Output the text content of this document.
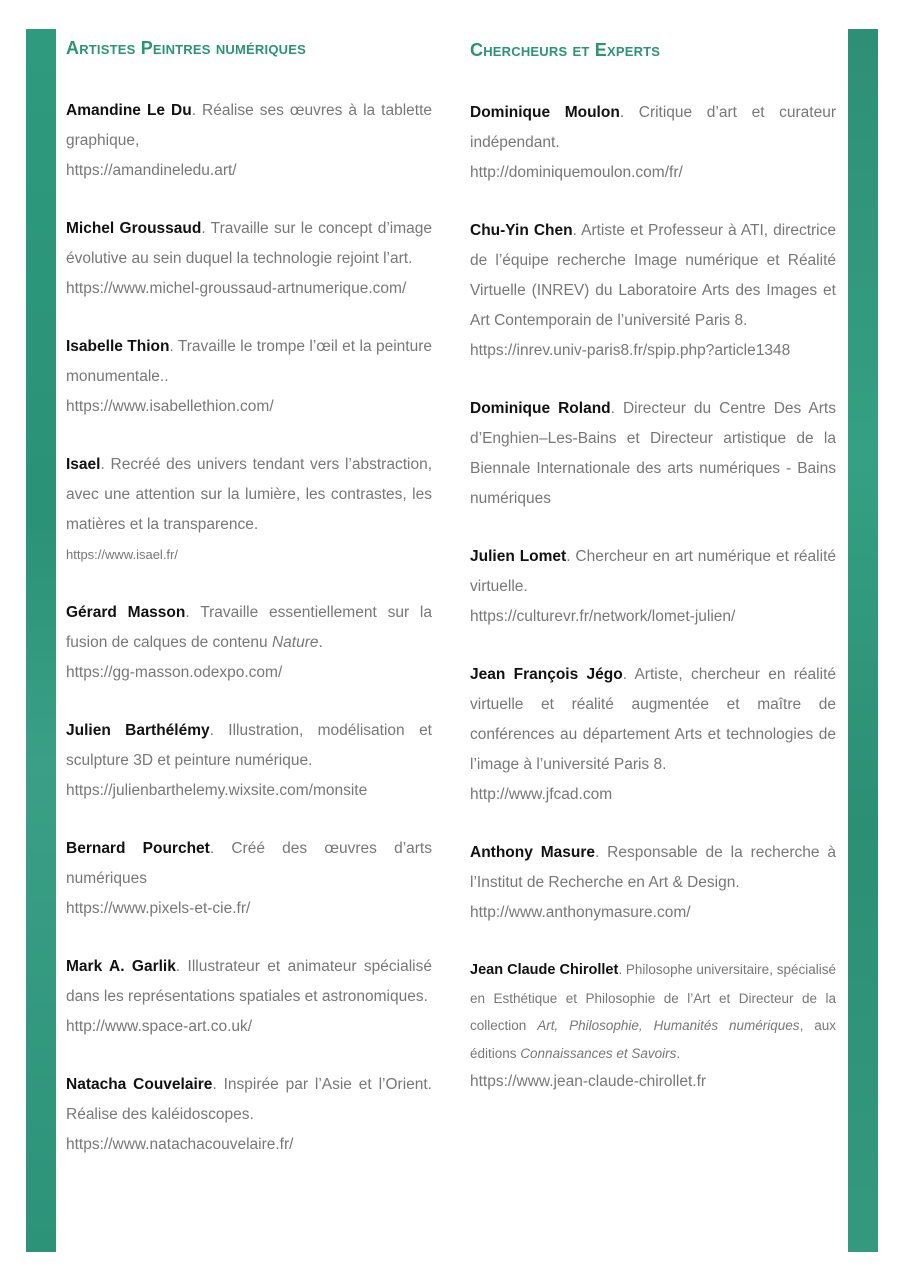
Artistes Peintres numériques

Amandine Le Du. Réalise ses œuvres à la tablette graphique,
https://amandineledu.art/

Michel Groussaud. Travaille sur le concept d’image évolutive au sein duquel la technologie rejoint l’art.
https://www.michel-groussaud-artnumerique.com/

Isabelle Thion. Travaille le trompe l’œil et la peinture monumentale..
https://www.isabellethion.com/

Isael. Recréé des univers tendant vers l’abstraction, avec une attention sur la lumière, les contrastes, les matières et la transparence.
https://www.isael.fr/

Gérard Masson. Travaille essentiellement sur la fusion de calques de contenu Nature.
https://gg-masson.odexpo.com/

Julien Barthélémy. Illustration, modélisation et sculpture 3D et peinture numérique.
https://julienbarthelemy.wixsite.com/monsite

Bernard Pourchet. Créé des œuvres d’arts numériques
https://www.pixels-et-cie.fr/

Mark A. Garlik. Illustrateur et animateur spécialisé dans les représentations spatiales et astronomiques.
http://www.space-art.co.uk/

Natacha Couvelaire. Inspirée par l’Asie et l’Orient. Réalise des kaléidoscopes.
https://www.natachacouvelaire.fr/

Chercheurs et Experts

Dominique Moulon. Critique d’art et curateur indépendant.
http://dominiquemoulon.com/fr/

Chu-Yin Chen. Artiste et Professeur à ATI, directrice de l’équipe recherche Image numérique et Réalité Virtuelle (INREV) du Laboratoire Arts des Images et Art Contemporain de l’université Paris 8.
https://inrev.univ-paris8.fr/spip.php?article1348

Dominique Roland. Directeur du Centre Des Arts d’Enghien–Les-Bains et Directeur artistique de la Biennale Internationale des arts numériques - Bains numériques

Julien Lomet. Chercheur en art numérique et réalité virtuelle.
https://culturevr.fr/network/lomet-julien/

Jean François Jégo. Artiste, chercheur en réalité virtuelle et réalité augmentée et maître de conférences au département Arts et technologies de l’image à l’université Paris 8.
http://www.jfcad.com

Anthony Masure. Responsable de la recherche à l’Institut de Recherche en Art & Design.
http://www.anthonymasure.com/

Jean Claude Chirollet. Philosophe universitaire, spécialisé en Esthétique et Philosophie de l’Art et Directeur de la collection Art, Philosophie, Humanités numériques, aux éditions Connaissances et Savoirs.
https://www.jean-claude-chirollet.fr
